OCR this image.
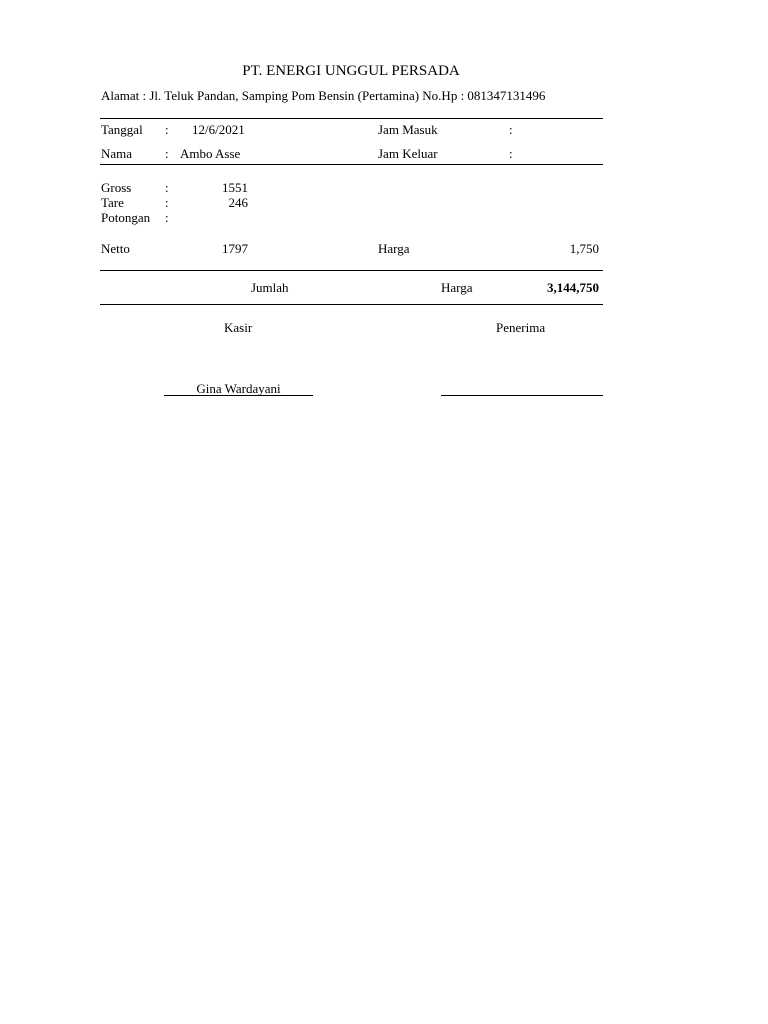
PT. ENERGI UNGGUL PERSADA
Alamat : Jl. Teluk Pandan, Samping Pom Bensin (Pertamina) No.Hp : 081347131496
Tanggal : 12/6/2021	Jam Masuk	:
Nama	: Ambo Asse	Jam Keluar	:
Gross	:	1551
Tare	:	246
Potongan :
Netto	1797	Harga	1,750
Jumlah	Harga	3,144,750
Kasir	Penerima
Gina Wardayani
